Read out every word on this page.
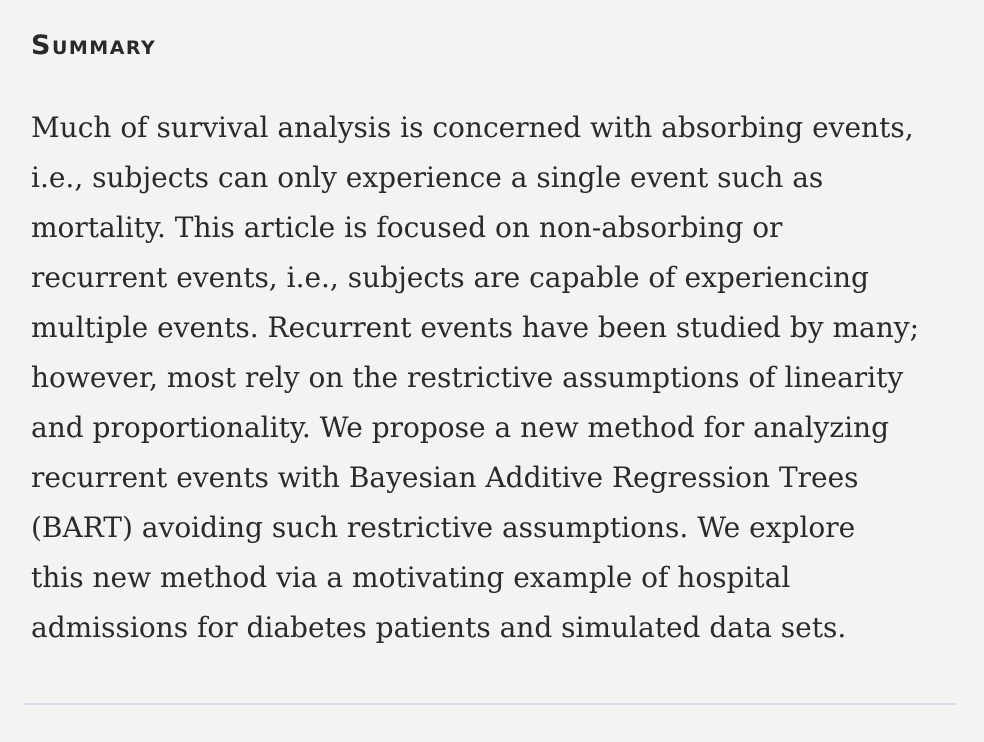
Summary

Much of survival analysis is concerned with absorbing events,
i.e., subjects can only experience a single event such as
mortality. This article is focused on non-absorbing or
recurrent events, i.e., subjects are capable of experiencing
multiple events. Recurrent events have been studied by many;
however, most rely on the restrictive assumptions of linearity
and proportionality. We propose a new method for analyzing
recurrent events with Bayesian Additive Regression Trees
(BART) avoiding such restrictive assumptions. We explore
this new method via a motivating example of hospital
admissions for diabetes patients and simulated data sets.
